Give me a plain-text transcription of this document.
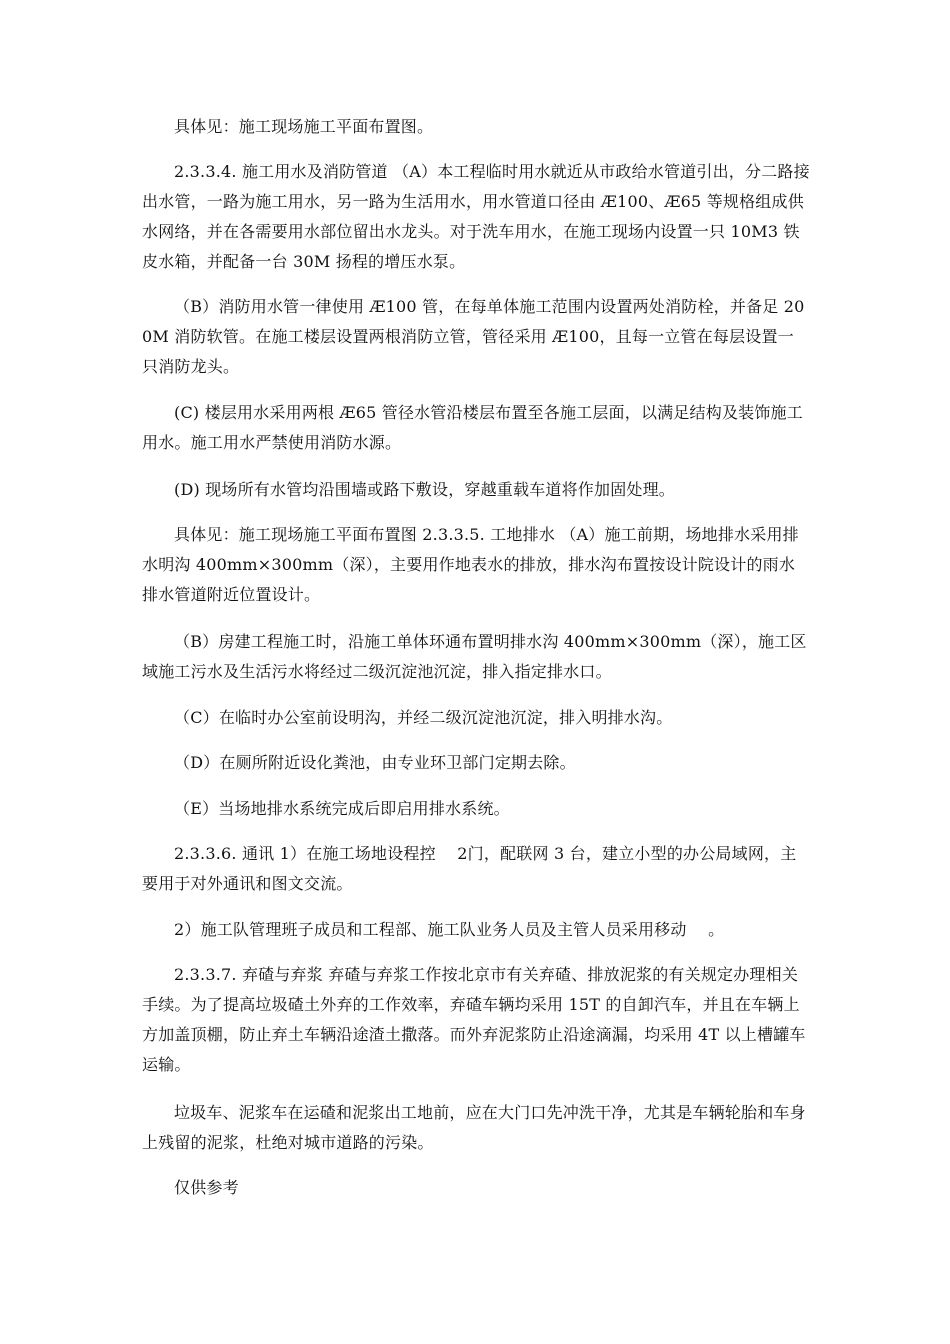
具体见：施工现场施工平面布置图。

2.3.3.4. 施工用水及消防管道 （A）本工程临时用水就近从市政给水管道引出，分二路接出水管，一路为施工用水，另一路为生活用水，用水管道口径由 Æ100、Æ65 等规格组成供水网络，并在各需要用水部位留出水龙头。对于洗车用水，在施工现场内设置一只 10M3 铁皮水箱，并配备一台 30M 扬程的增压水泵。

（B）消防用水管一律使用 Æ100 管，在每单体施工范围内设置两处消防栓，并备足 200M 消防软管。在施工楼层设置两根消防立管，管径采用 Æ100，且每一立管在每层设置一只消防龙头。

(C) 楼层用水采用两根 Æ65 管径水管沿楼层布置至各施工层面，以满足结构及装饰施工用水。施工用水严禁使用消防水源。

(D) 现场所有水管均沿围墙或路下敷设，穿越重载车道将作加固处理。

具体见：施工现场施工平面布置图 2.3.3.5. 工地排水 （A）施工前期，场地排水采用排水明沟 400mm×300mm（深），主要用作地表水的排放，排水沟布置按设计院设计的雨水排水管道附近位置设计。

（B）房建工程施工时，沿施工单体环通布置明排水沟 400mm×300mm（深），施工区域施工污水及生活污水将经过二级沉淀池沉淀，排入指定排水口。

（C）在临时办公室前设明沟，并经二级沉淀池沉淀，排入明排水沟。

（D）在厕所附近设化粪池，由专业环卫部门定期去除。

（E）当场地排水系统完成后即启用排水系统。

2.3.3.6. 通讯 1）在施工场地设程控　 2门，配联网 3 台，建立小型的办公局域网，主要用于对外通讯和图文交流。

2）施工队管理班子成员和工程部、施工队业务人员及主管人员采用移动　 。

2.3.3.7. 弃碴与弃浆 弃碴与弃浆工作按北京市有关弃碴、排放泥浆的有关规定办理相关手续。为了提高垃圾碴土外弃的工作效率，弃碴车辆均采用 15T 的自卸汽车，并且在车辆上方加盖顶棚，防止弃土车辆沿途渣土撒落。而外弃泥浆防止沿途滴漏，均采用 4T 以上槽罐车运输。

垃圾车、泥浆车在运碴和泥浆出工地前，应在大门口先冲洗干净，尤其是车辆轮胎和车身上残留的泥浆，杜绝对城市道路的污染。

仅供参考
